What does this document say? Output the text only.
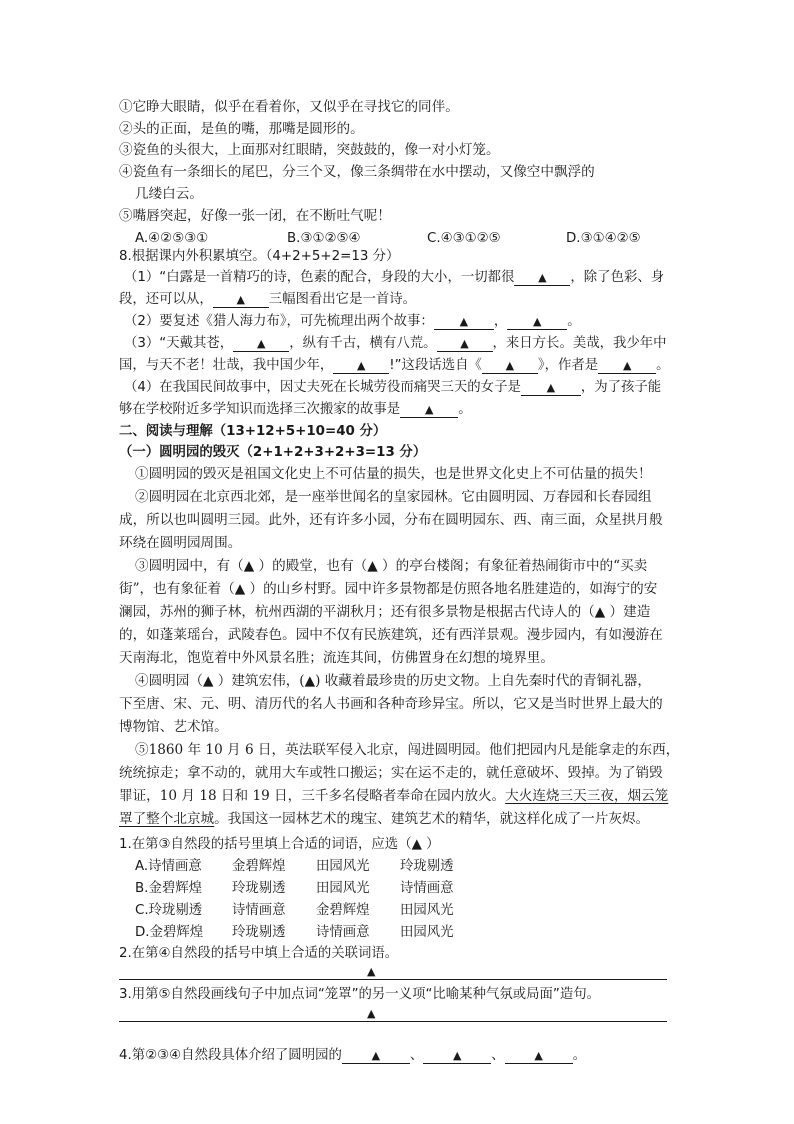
①它睁大眼睛，似乎在看着你，又似乎在寻找它的同伴。
②头的正面，是鱼的嘴，那嘴是圆形的。
③瓷鱼的头很大，上面那对红眼睛，突鼓鼓的，像一对小灯笼。
④瓷鱼有一条细长的尾巴，分三个叉，像三条绸带在水中摆动，又像空中飘浮的
几缕白云。
⑤嘴唇突起，好像一张一闭，在不断吐气呢！
A.④②⑤③①	B.③①②⑤④	C.④③①②⑤	D.③①④②⑤
8.根据课内外积累填空。（4+2+5+2=13 分）
（1）“白露是一首精巧的诗，色素的配合，身段的大小，一切都很 ▲ ，除了色彩、身
段，还可以从， ▲ 三幅图看出它是一首诗。
（2）要复述《猎人海力布》，可先梳理出两个故事： ▲ ， ▲ 。
（3）“天戴其苍， ▲ ，纵有千古，横有八荒。 ▲ ，来日方长。美哉，我少年中
国，与天不老！壮哉，我中国少年， ▲ !”这段话选自《 ▲ 》，作者是 ▲ 。
（4）在我国民间故事中，因丈夫死在长城劳役而痛哭三天的女子是 ▲ ，为了孩子能
够在学校附近多学知识而选择三次搬家的故事是 ▲ 。
二、阅读与理解（13+12+5+10=40 分）
（一）圆明园的毁灭（2+1+2+3+2+3=13 分）
①圆明园的毁灭是祖国文化史上不可估量的损失，也是世界文化史上不可估量的损失！
②圆明园在北京西北郊，是一座举世闻名的皇家园林。它由圆明园、万春园和长春园组
成，所以也叫圆明三园。此外，还有许多小园，分布在圆明园东、西、南三面，众星拱月般
环绕在圆明园周围。
③圆明园中，有（▲ ）的殿堂，也有（▲ ）的亭台楼阁；有象征着热闹街市中的“买卖
街”，也有象征着（▲ ）的山乡村野。园中许多景物都是仿照各地名胜建造的，如海宁的安
澜园，苏州的狮子林，杭州西湖的平湖秋月；还有很多景物是根据古代诗人的（▲ ）建造
的，如蓬莱瑶台，武陵春色。园中不仅有民族建筑，还有西洋景观。漫步园内，有如漫游在
天南海北，饱览着中外风景名胜；流连其间，仿佛置身在幻想的境界里。
④圆明园（▲ ）建筑宏伟，(▲) 收藏着最珍贵的历史文物。上自先秦时代的青铜礼器，
下至唐、宋、元、明、清历代的名人书画和各种奇珍异宝。所以，它又是当时世界上最大的
博物馆、艺术馆。
⑤1860 年 10 月 6 日，英法联军侵入北京，闯进圆明园。他们把园内凡是能拿走的东西，
统统掠走；拿不动的，就用大车或牲口搬运；实在运不走的，就任意破坏、毁掉。为了销毁
罪证，10 月 18 日和 19 日，三千多名侵略者奉命在园内放火。大火连烧三天三夜，烟云笼
罩了整个北京城。我国这一园林艺术的瑰宝、建筑艺术的精华，就这样化成了一片灰烬。
1.在第③自然段的括号里填上合适的词语，应选（▲ ）
A.诗情画意 金碧辉煌 田园风光 玲珑剔透
B.金碧辉煌 玲珑剔透 田园风光 诗情画意
C.玲珑剔透 诗情画意 金碧辉煌 田园风光
D.金碧辉煌 玲珑剔透 诗情画意 田园风光
2.在第④自然段的括号中填上合适的关联词语。
▲
3.用第⑤自然段画线句子中加点词“笼罩”的另一义项“比喻某种气氛或局面”造句。
▲
4.第②③④自然段具体介绍了圆明园的	▲ 、	▲ 、	▲ 。
